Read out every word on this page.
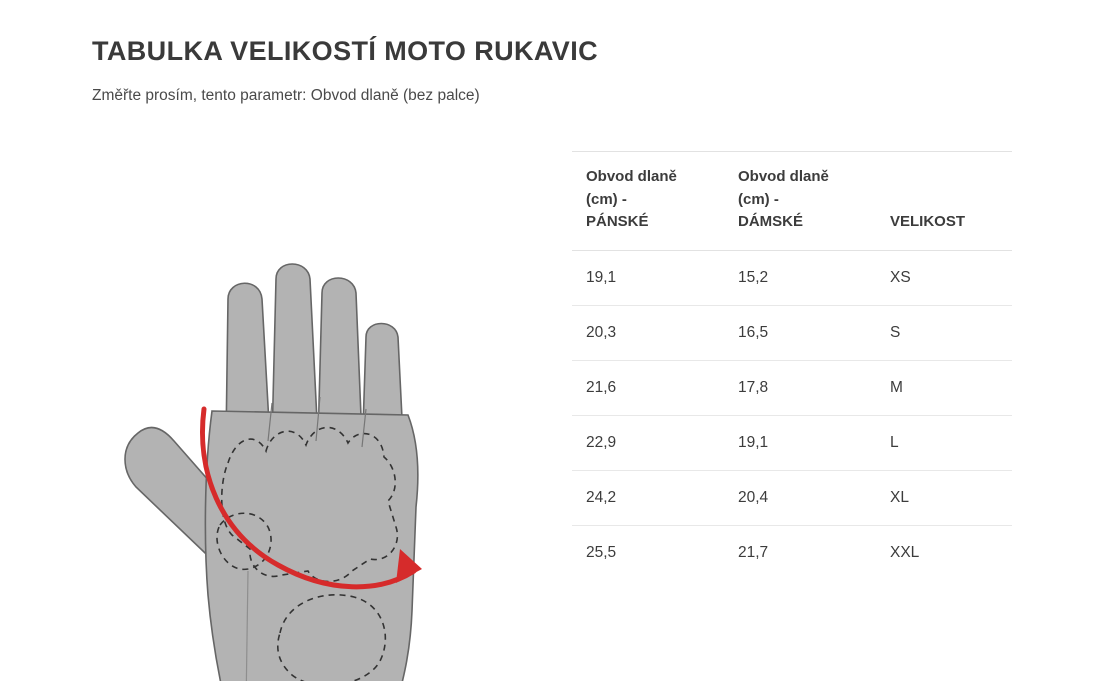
TABULKA VELIKOSTÍ MOTO RUKAVIC

Změřte prosím, tento parametr: Obvod dlaně (bez palce)

Obvod dlaně
(cm) -
PÁNSKÉ	Obvod dlaně
(cm) -
DÁMSKÉ	VELIKOST
19,1	15,2	XS
20,3	16,5	S
21,6	17,8	M
22,9	19,1	L
24,2	20,4	XL
25,5	21,7	XXL
